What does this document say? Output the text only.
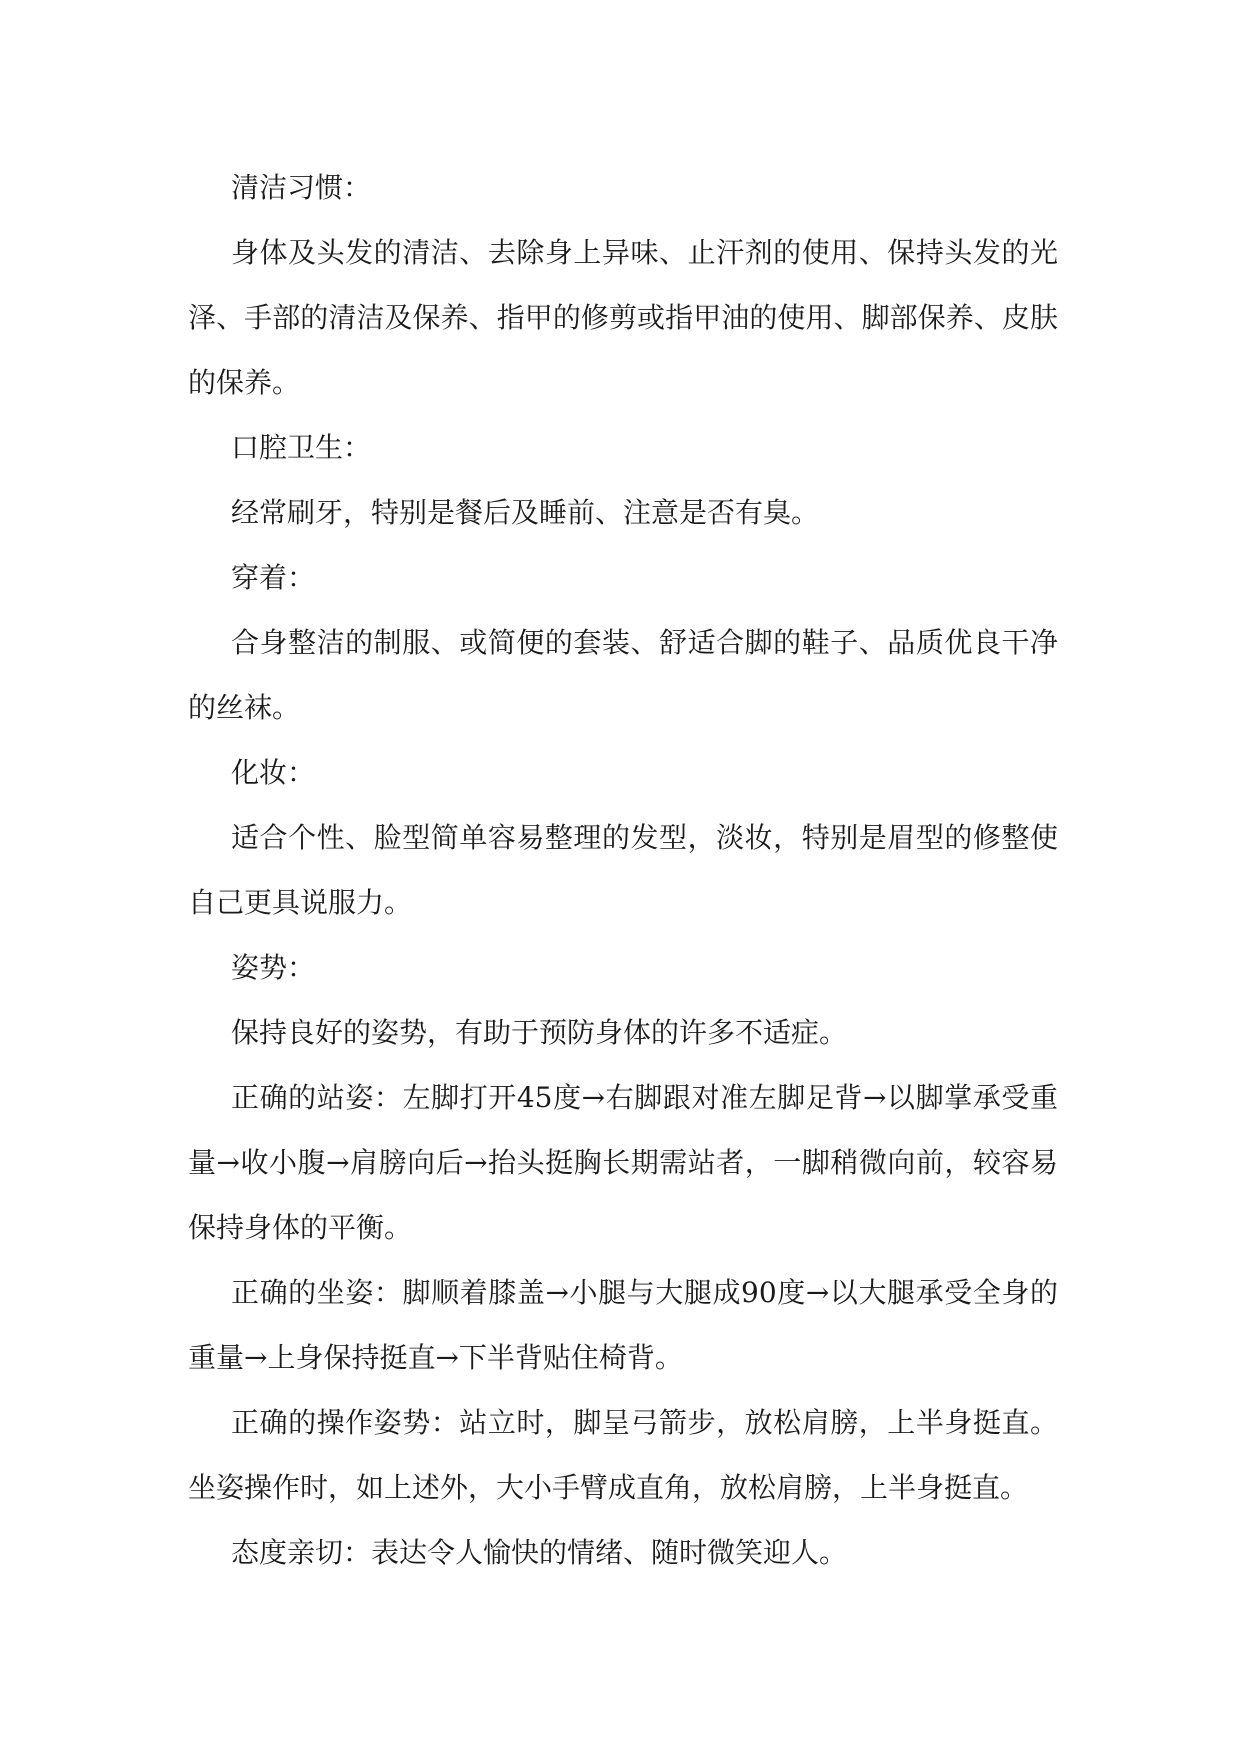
清洁习惯：

身体及头发的清洁、去除身上异味、止汗剂的使用、保持头发的光泽、手部的清洁及保养、指甲的修剪或指甲油的使用、脚部保养、皮肤的保养。

口腔卫生：

经常刷牙，特别是餐后及睡前、注意是否有臭。

穿着：

合身整洁的制服、或简便的套装、舒适合脚的鞋子、品质优良干净的丝袜。

化妆：

适合个性、脸型简单容易整理的发型，淡妆，特别是眉型的修整使自己更具说服力。

姿势：

保持良好的姿势，有助于预防身体的许多不适症。

正确的站姿：左脚打开45度→右脚跟对准左脚足背→以脚掌承受重量→收小腹→肩膀向后→抬头挺胸长期需站者，一脚稍微向前，较容易保持身体的平衡。

正确的坐姿：脚顺着膝盖→小腿与大腿成90度→以大腿承受全身的重量→上身保持挺直→下半背贴住椅背。

正确的操作姿势：站立时，脚呈弓箭步，放松肩膀，上半身挺直。坐姿操作时，如上述外，大小手臂成直角，放松肩膀，上半身挺直。

态度亲切：表达令人愉快的情绪、随时微笑迎人。
